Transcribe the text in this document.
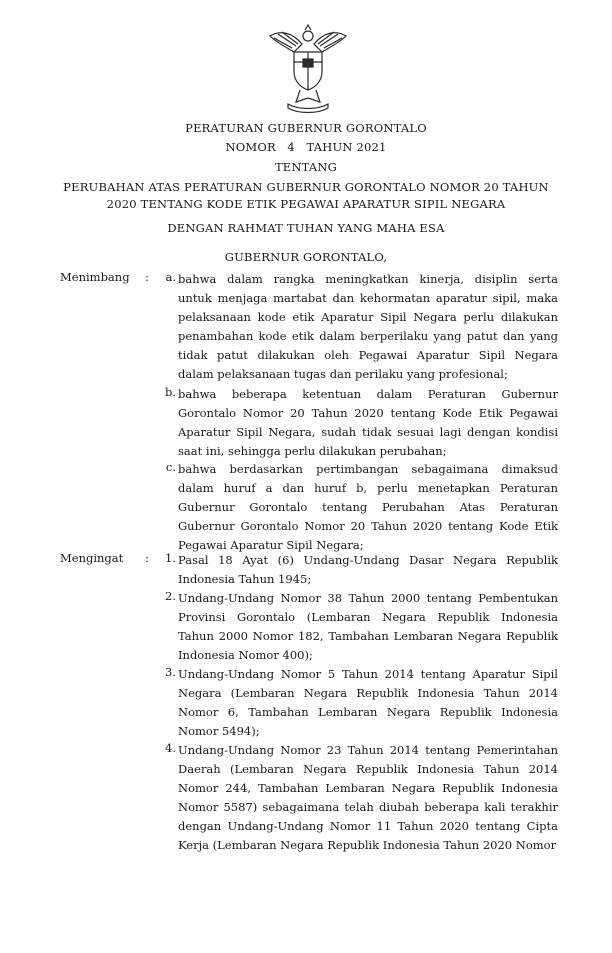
PERATURAN GUBERNUR GORONTALO
NOMOR   4   TAHUN 2021
TENTANG
PERUBAHAN ATAS PERATURAN GUBERNUR GORONTALO NOMOR 20 TAHUN
2020 TENTANG KODE ETIK PEGAWAI APARATUR SIPIL NEGARA
DENGAN RAHMAT TUHAN YANG MAHA ESA
GUBERNUR GORONTALO,
Menimbang :	a. bahwa dalam rangka meningkatkan kinerja, disiplin serta
untuk menjaga martabat dan kehormatan aparatur sipil, maka
pelaksanaan kode etik Aparatur Sipil Negara perlu dilakukan
penambahan kode etik dalam berperilaku yang patut dan yang
tidak patut dilakukan oleh Pegawai Aparatur Sipil Negara
dalam pelaksanaan tugas dan perilaku yang profesional;
b. bahwa beberapa ketentuan dalam Peraturan Gubernur
Gorontalo Nomor 20 Tahun 2020 tentang Kode Etik Pegawai
Aparatur Sipil Negara, sudah tidak sesuai lagi dengan kondisi
saat ini, sehingga perlu dilakukan perubahan;
c. bahwa berdasarkan pertimbangan sebagaimana dimaksud
dalam huruf a dan huruf b, perlu menetapkan Peraturan
Gubernur Gorontalo tentang Perubahan Atas Peraturan
Gubernur Gorontalo Nomor 20 Tahun 2020 tentang Kode Etik
Pegawai Aparatur Sipil Negara;
1. Pasal 18 Ayat (6) Undang-Undang Dasar Negara Republik
Indonesia Tahun 1945;
2. Undang-Undang Nomor 38 Tahun 2000 tentang Pembentukan
Provinsi Gorontalo (Lembaran Negara Republik Indonesia
Tahun 2000 Nomor 182, Tambahan Lembaran Negara Republik
Indonesia Nomor 400);
3. Undang-Undang Nomor 5 Tahun 2014 tentang Aparatur Sipil
Negara (Lembaran Negara Republik Indonesia Tahun 2014
Nomor 6, Tambahan Lembaran Negara Republik Indonesia
Nomor 5494);
4. Undang-Undang Nomor 23 Tahun 2014 tentang Pemerintahan
Daerah (Lembaran Negara Republik Indonesia Tahun 2014
Nomor 244, Tambahan Lembaran Negara Republik Indonesia
Nomor 5587) sebagaimana telah diubah beberapa kali terakhir
dengan Undang-Undang Nomor 11 Tahun 2020 tentang Cipta
Kerja (Lembaran Negara Republik Indonesia Tahun 2020 Nomor
Mengingat :
